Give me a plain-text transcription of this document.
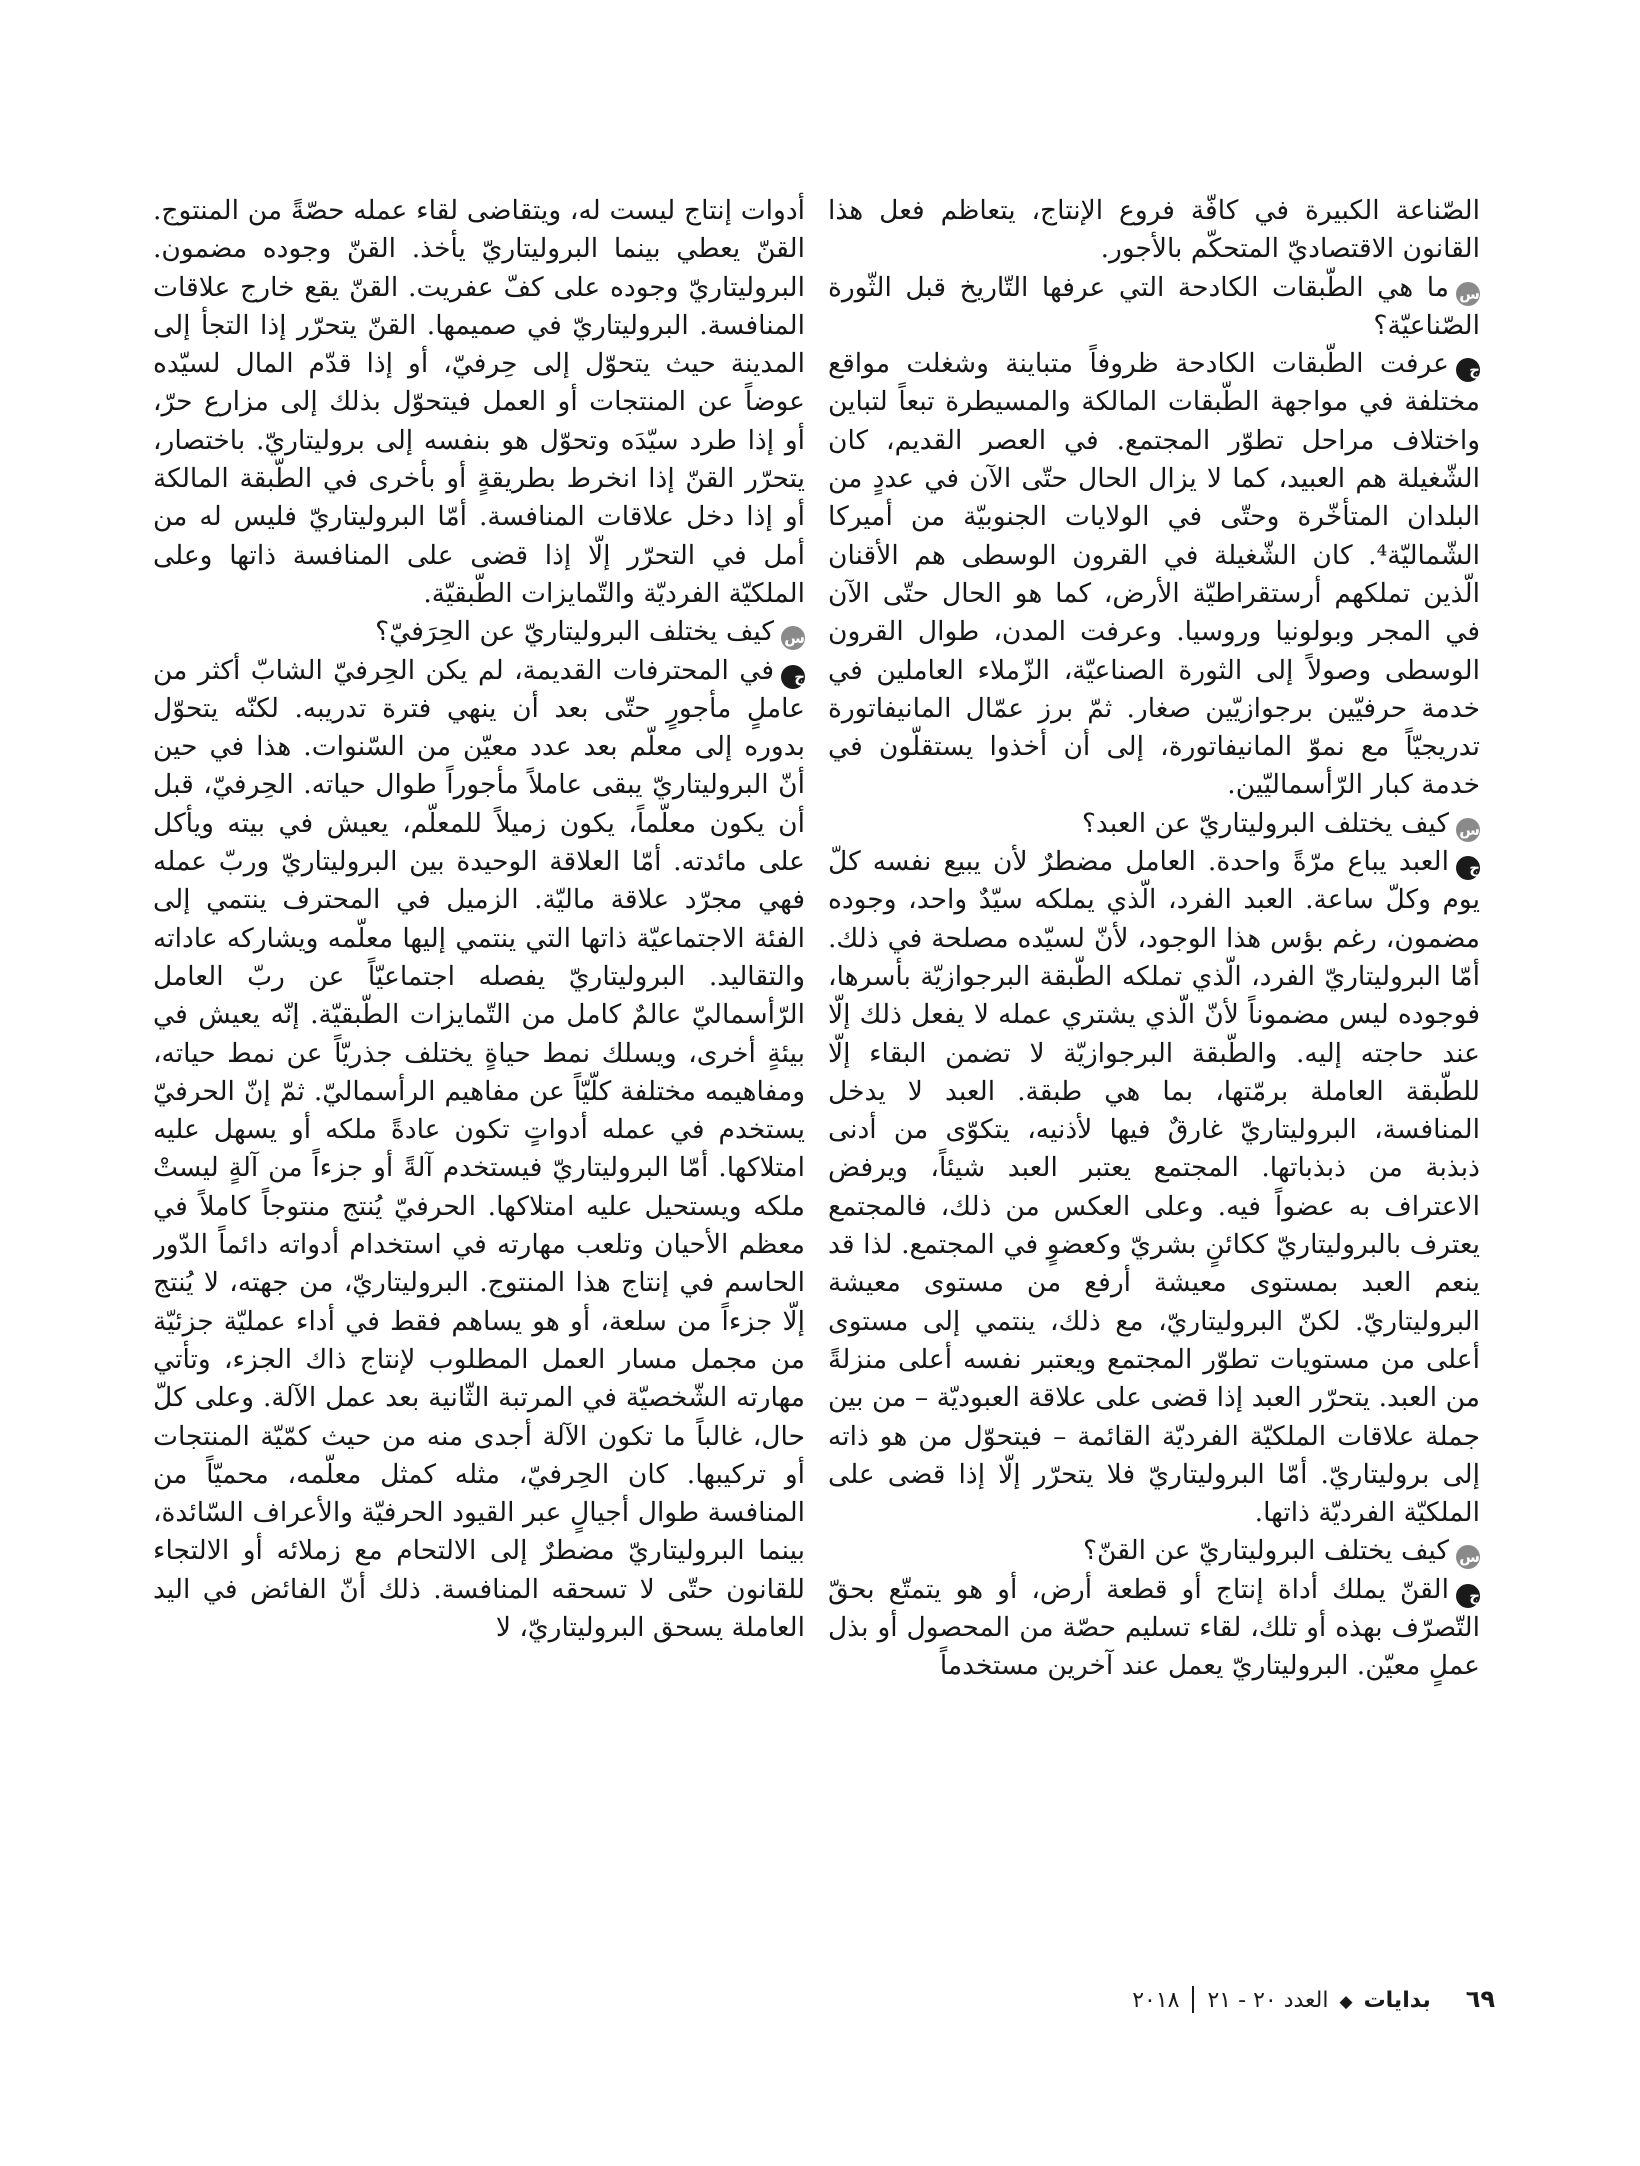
الصّناعة الكبيرة في كافّة فروع الإنتاج، يتعاظم فعل هذا القانون الاقتصاديّ المتحكّم بالأجور.

سما هي الطّبقات الكادحة التي عرفها التّاريخ قبل الثّورة الصّناعيّة؟

جعرفت الطّبقات الكادحة ظروفاً متباينة وشغلت مواقع مختلفة في مواجهة الطّبقات المالكة والمسيطرة تبعاً لتباين واختلاف مراحل تطوّر المجتمع. في العصر القديم، كان الشّغيلة هم العبيد، كما لا يزال الحال حتّى الآن في عددٍ من البلدان المتأخّرة وحتّى في الولايات الجنوبيّة من أميركا الشّماليّة⁴. كان الشّغيلة في القرون الوسطى هم الأقنان الّذين تملكهم أرستقراطيّة الأرض، كما هو الحال حتّى الآن في المجر وبولونيا وروسيا. وعرفت المدن، طوال القرون الوسطى وصولاً إلى الثورة الصناعيّة، الزّملاء العاملين في خدمة حرفيّين برجوازيّين صغار. ثمّ برز عمّال المانيفاتورة تدريجيّاً مع نموّ المانيفاتورة، إلى أن أخذوا يستقلّون في خدمة كبار الرّأسماليّين.

سكيف يختلف البروليتاريّ عن العبد؟

جالعبد يباع مرّةً واحدة. العامل مضطرٌ لأن يبيع نفسه كلّ يوم وكلّ ساعة. العبد الفرد، الّذي يملكه سيّدٌ واحد، وجوده مضمون، رغم بؤس هذا الوجود، لأنّ لسيّده مصلحة في ذلك. أمّا البروليتاريّ الفرد، الّذي تملكه الطّبقة البرجوازيّة بأسرها، فوجوده ليس مضموناً لأنّ الّذي يشتري عمله لا يفعل ذلك إلّا عند حاجته إليه. والطّبقة البرجوازيّة لا تضمن البقاء إلّا للطّبقة العاملة برمّتها، بما هي طبقة. العبد لا يدخل المنافسة، البروليتاريّ غارقٌ فيها لأذنيه، يتكوّى من أدنى ذبذبة من ذبذباتها. المجتمع يعتبر العبد شيئاً، ويرفض الاعتراف به عضواً فيه. وعلى العكس من ذلك، فالمجتمع يعترف بالبروليتاريّ ككائنٍ بشريّ وكعضوٍ في المجتمع. لذا قد ينعم العبد بمستوى معيشة أرفع من مستوى معيشة البروليتاريّ. لكنّ البروليتاريّ، مع ذلك، ينتمي إلى مستوى أعلى من مستويات تطوّر المجتمع ويعتبر نفسه أعلى منزلةً من العبد. يتحرّر العبد إذا قضى على علاقة العبوديّة – من بين جملة علاقات الملكيّة الفرديّة القائمة – فيتحوّل من هو ذاته إلى بروليتاريّ. أمّا البروليتاريّ فلا يتحرّر إلّا إذا قضى على الملكيّة الفرديّة ذاتها.

سكيف يختلف البروليتاريّ عن القنّ؟

جالقنّ يملك أداة إنتاج أو قطعة أرض، أو هو يتمتّع بحقّ التّصرّف بهذه أو تلك، لقاء تسليم حصّة من المحصول أو بذل عملٍ معيّن. البروليتاريّ يعمل عند آخرين مستخدماً

أدوات إنتاج ليست له، ويتقاضى لقاء عمله حصّةً من المنتوج. القنّ يعطي بينما البروليتاريّ يأخذ. القنّ وجوده مضمون. البروليتاريّ وجوده على كفّ عفريت. القنّ يقع خارج علاقات المنافسة. البروليتاريّ في صميمها. القنّ يتحرّر إذا التجأ إلى المدينة حيث يتحوّل إلى حِرفيّ، أو إذا قدّم المال لسيّده عوضاً عن المنتجات أو العمل فيتحوّل بذلك إلى مزارع حرّ، أو إذا طرد سيّدَه وتحوّل هو بنفسه إلى بروليتاريّ. باختصار، يتحرّر القنّ إذا انخرط بطريقةٍ أو بأخرى في الطّبقة المالكة أو إذا دخل علاقات المنافسة. أمّا البروليتاريّ فليس له من أمل في التحرّر إلّا إذا قضى على المنافسة ذاتها وعلى الملكيّة الفرديّة والتّمايزات الطّبقيّة.

سكيف يختلف البروليتاريّ عن الحِرَفيّ؟

جفي المحترفات القديمة، لم يكن الحِرفيّ الشابّ أكثر من عاملٍ مأجورٍ حتّى بعد أن ينهي فترة تدريبه. لكنّه يتحوّل بدوره إلى معلّم بعد عدد معيّن من السّنوات. هذا في حين أنّ البروليتاريّ يبقى عاملاً مأجوراً طوال حياته. الحِرفيّ، قبل أن يكون معلّماً، يكون زميلاً للمعلّم، يعيش في بيته ويأكل على مائدته. أمّا العلاقة الوحيدة بين البروليتاريّ وربّ عمله فهي مجرّد علاقة ماليّة. الزميل في المحترف ينتمي إلى الفئة الاجتماعيّة ذاتها التي ينتمي إليها معلّمه ويشاركه عاداته والتقاليد. البروليتاريّ يفصله اجتماعيّاً عن ربّ العامل الرّأسماليّ عالمٌ كامل من التّمايزات الطّبقيّة. إنّه يعيش في بيئةٍ أخرى، ويسلك نمط حياةٍ يختلف جذريّاً عن نمط حياته، ومفاهيمه مختلفة كلّيّاً عن مفاهيم الرأسماليّ. ثمّ إنّ الحرفيّ يستخدم في عمله أدواتٍ تكون عادةً ملكه أو يسهل عليه امتلاكها. أمّا البروليتاريّ فيستخدم آلةً أو جزءاً من آلةٍ ليستْ ملكه ويستحيل عليه امتلاكها. الحرفيّ يُنتج منتوجاً كاملاً في معظم الأحيان وتلعب مهارته في استخدام أدواته دائماً الدّور الحاسم في إنتاج هذا المنتوج. البروليتاريّ، من جهته، لا يُنتج إلّا جزءاً من سلعة، أو هو يساهم فقط في أداء عمليّة جزئيّة من مجمل مسار العمل المطلوب لإنتاج ذاك الجزء، وتأتي مهارته الشّخصيّة في المرتبة الثّانية بعد عمل الآلة. وعلى كلّ حال، غالباً ما تكون الآلة أجدى منه من حيث كمّيّة المنتجات أو تركيبها. كان الحِرفيّ، مثله كمثل معلّمه، محميّاً من المنافسة طوال أجيالٍ عبر القيود الحرفيّة والأعراف السّائدة، بينما البروليتاريّ مضطرٌ إلى الالتحام مع زملائه أو الالتجاء للقانون حتّى لا تسحقه المنافسة. ذلك أنّ الفائض في اليد العاملة يسحق البروليتاريّ، لا

٦٩ بدايات ◆ العدد ٢٠ - ٢١  ٢٠١٨
